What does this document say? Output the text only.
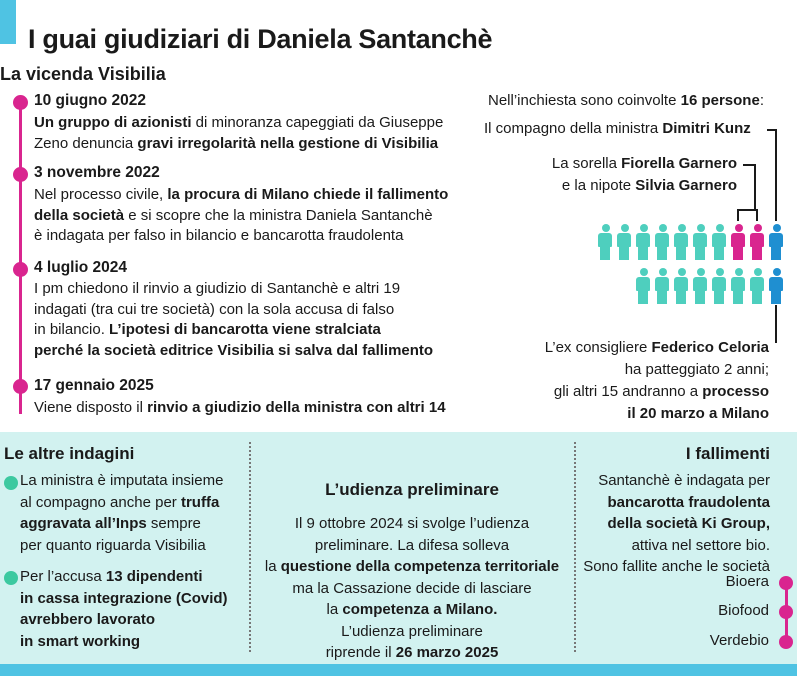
I guai giudiziari di Daniela Santanchè
La vicenda Visibilia
10 giugno 2022
Un gruppo di azionisti di minoranza capeggiati da Giuseppe
Zeno denuncia gravi irregolarità nella gestione di Visibilia
3 novembre 2022
Nel processo civile, la procura di Milano chiede il fallimento
della società e si scopre che la ministra Daniela Santanchè
è indagata per falso in bilancio e bancarotta fraudolenta
4 luglio 2024
I pm chiedono il rinvio a giudizio di Santanchè e altri 19
indagati (tra cui tre società) con la sola accusa di falso
in bilancio. L’ipotesi di bancarotta viene stralciata
perché la società editrice Visibilia si salva dal fallimento
17 gennaio 2025
Viene disposto il rinvio a giudizio della ministra con altri 14
Nell’inchiesta sono coinvolte 16 persone:
Il compagno della ministra Dimitri Kunz
La sorella Fiorella Garnero
e la nipote Silvia Garnero
L’ex consigliere Federico Celoria
ha patteggiato 2 anni;
gli altri 15 andranno a processo
il 20 marzo a Milano
Le altre indagini
La ministra è imputata insieme
al compagno anche per truffa
aggravata all’Inps sempre
per quanto riguarda Visibilia
Per l’accusa 13 dipendenti
in cassa integrazione (Covid)
avrebbero lavorato
in smart working
L’udienza preliminare
Il 9 ottobre 2024 si svolge l’udienza
preliminare. La difesa solleva
la questione della competenza territoriale
ma la Cassazione decide di lasciare
la competenza a Milano.
L’udienza preliminare
riprende il 26 marzo 2025
I fallimenti
Santanchè è indagata per
bancarotta fraudolenta
della società Ki Group,
attiva nel settore bio.
Sono fallite anche le società
Bioera
Biofood
Verdebio
